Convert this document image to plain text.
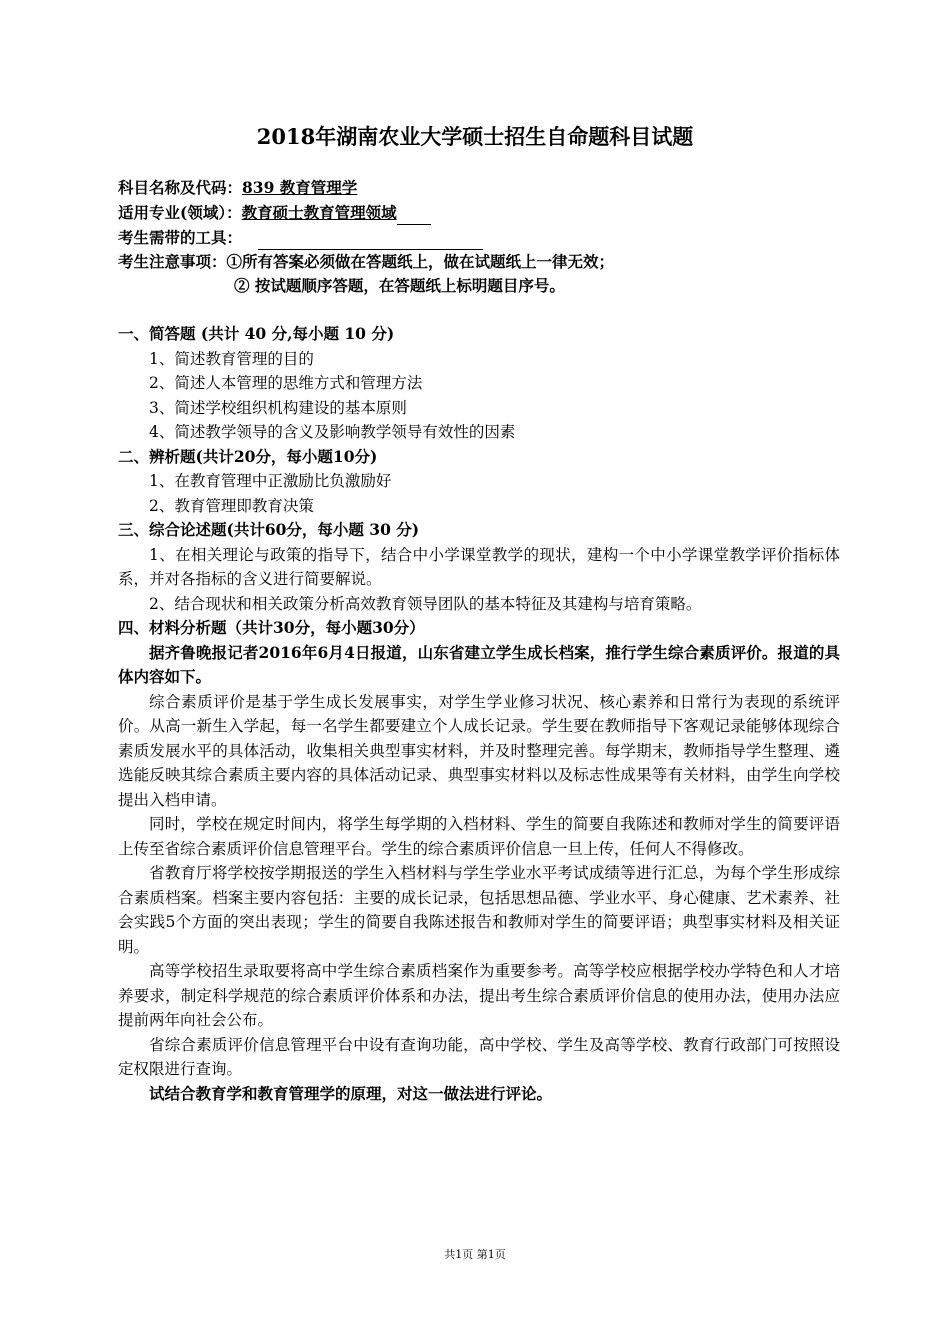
2018年湖南农业大学硕士招生自命题科目试题
科目名称及代码：839 教育管理学
适用专业(领域）：教育硕士教育管理领域
考生需带的工具：
考生注意事项：①所有答案必须做在答题纸上，做在试题纸上一律无效；
② 按试题顺序答题，在答题纸上标明题目序号。
一、简答题 (共计 40 分,每小题 10 分)
1、简述教育管理的目的
2、简述人本管理的思维方式和管理方法
3、简述学校组织机构建设的基本原则
4、简述教学领导的含义及影响教学领导有效性的因素
二、辨析题(共计20分，每小题10分)
1、在教育管理中正激励比负激励好
2、教育管理即教育决策
三、综合论述题(共计60分，每小题 30 分)

1、在相关理论与政策的指导下，结合中小学课堂教学的现状，建构一个中小学课堂教学评价指标体系，并对各指标的含义进行简要解说。

2、结合现状和相关政策分析高效教育领导团队的基本特征及其建构与培育策略。

四、材料分析题（共计30分，每小题30分）

据齐鲁晚报记者2016年6月4日报道，山东省建立学生成长档案，推行学生综合素质评价。报道的具体内容如下。

综合素质评价是基于学生成长发展事实，对学生学业修习状况、核心素养和日常行为表现的系统评价。从高一新生入学起，每一名学生都要建立个人成长记录。学生要在教师指导下客观记录能够体现综合素质发展水平的具体活动，收集相关典型事实材料，并及时整理完善。每学期末，教师指导学生整理、遴选能反映其综合素质主要内容的具体活动记录、典型事实材料以及标志性成果等有关材料，由学生向学校提出入档申请。

同时，学校在规定时间内，将学生每学期的入档材料、学生的简要自我陈述和教师对学生的简要评语上传至省综合素质评价信息管理平台。学生的综合素质评价信息一旦上传，任何人不得修改。

省教育厅将学校按学期报送的学生入档材料与学生学业水平考试成绩等进行汇总，为每个学生形成综合素质档案。档案主要内容包括：主要的成长记录，包括思想品德、学业水平、身心健康、艺术素养、社会实践5个方面的突出表现；学生的简要自我陈述报告和教师对学生的简要评语；典型事实材料及相关证明。

高等学校招生录取要将高中学生综合素质档案作为重要参考。高等学校应根据学校办学特色和人才培养要求，制定科学规范的综合素质评价体系和办法，提出考生综合素质评价信息的使用办法，使用办法应提前两年向社会公布。

省综合素质评价信息管理平台中设有查询功能，高中学校、学生及高等学校、教育行政部门可按照设定权限进行查询。

试结合教育学和教育管理学的原理，对这一做法进行评论。

共1页 第1页
